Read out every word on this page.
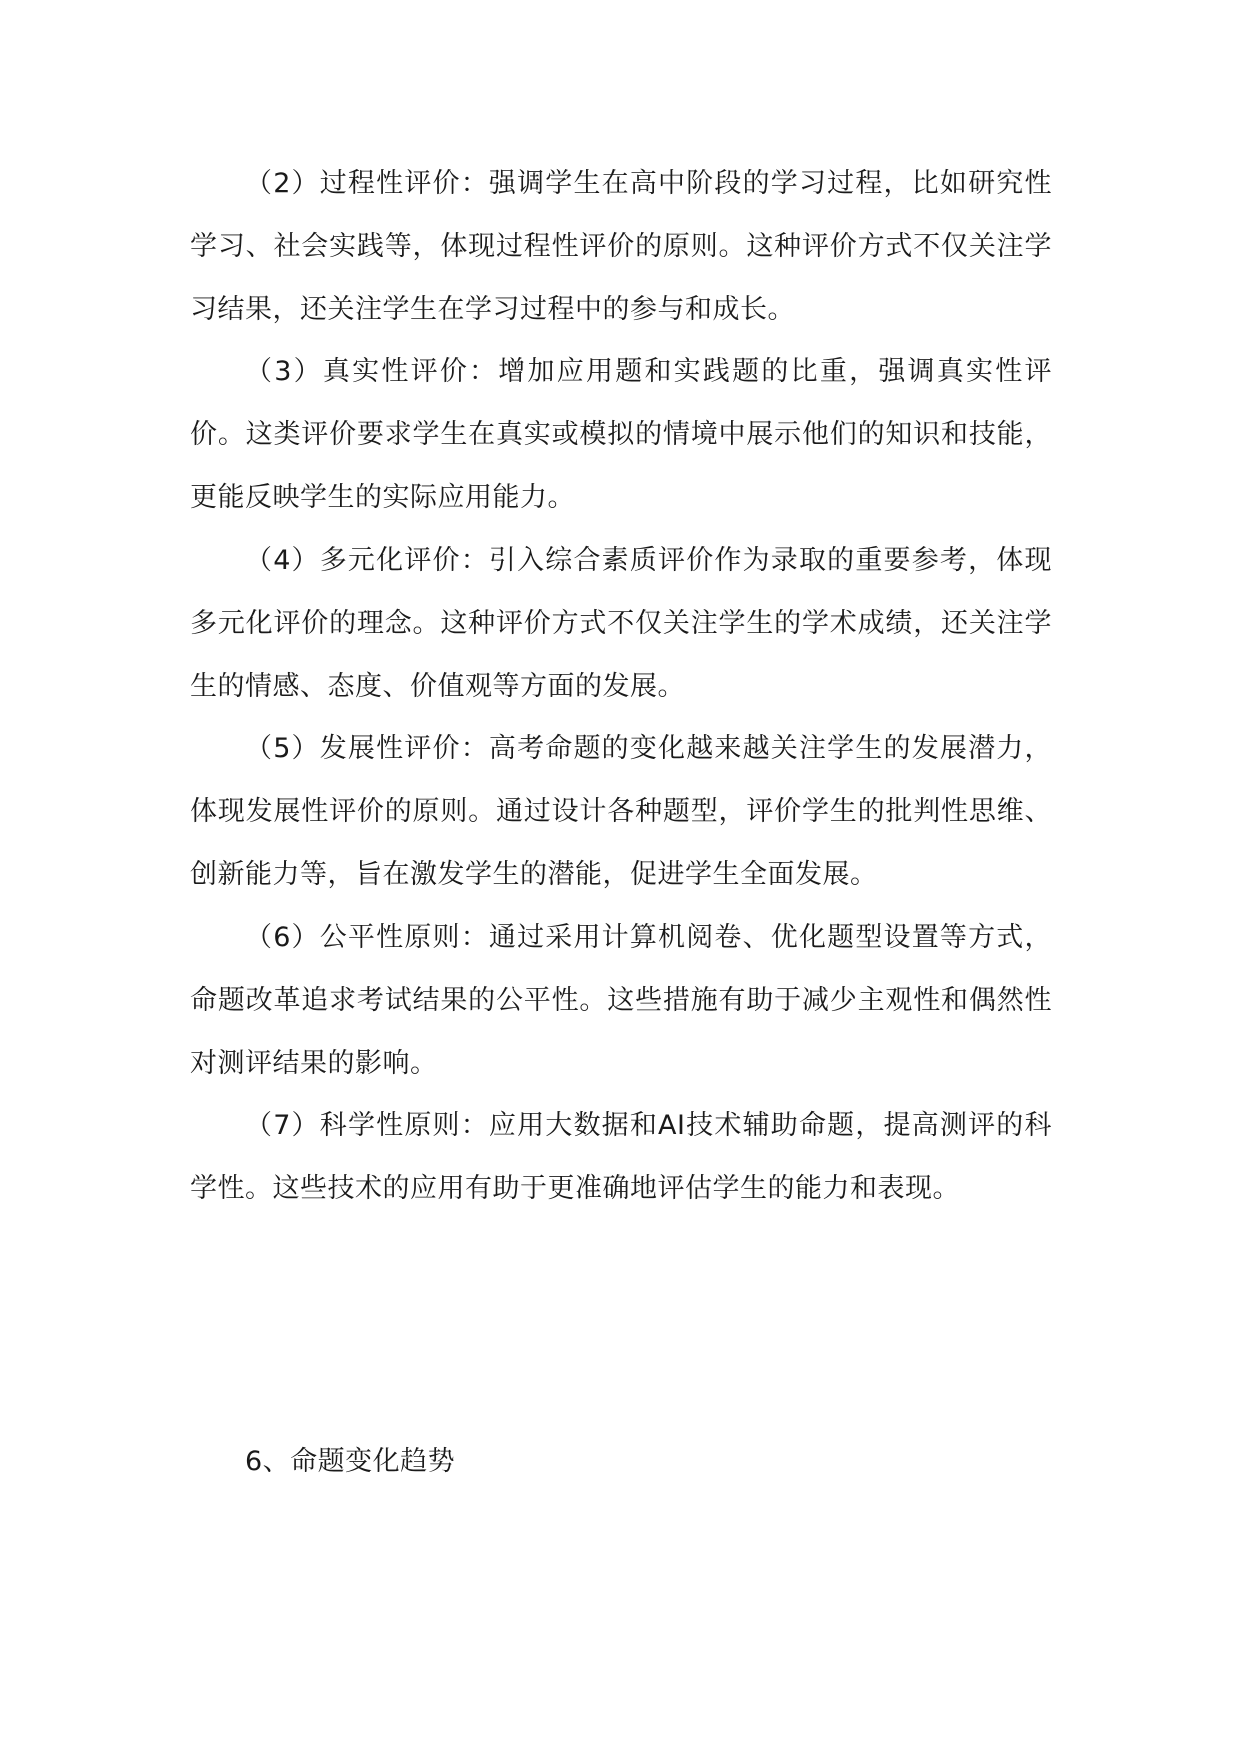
（2）过程性评价：强调学生在高中阶段的学习过程，比如研究性学习、社会实践等，体现过程性评价的原则。这种评价方式不仅关注学习结果，还关注学生在学习过程中的参与和成长。

（3）真实性评价：增加应用题和实践题的比重，强调真实性评价。这类评价要求学生在真实或模拟的情境中展示他们的知识和技能，更能反映学生的实际应用能力。

（4）多元化评价：引入综合素质评价作为录取的重要参考，体现多元化评价的理念。这种评价方式不仅关注学生的学术成绩，还关注学生的情感、态度、价值观等方面的发展。

（5）发展性评价：高考命题的变化越来越关注学生的发展潜力，体现发展性评价的原则。通过设计各种题型，评价学生的批判性思维、创新能力等，旨在激发学生的潜能，促进学生全面发展。

（6）公平性原则：通过采用计算机阅卷、优化题型设置等方式，命题改革追求考试结果的公平性。这些措施有助于减少主观性和偶然性对测评结果的影响。

（7）科学性原则：应用大数据和AI技术辅助命题，提高测评的科学性。这些技术的应用有助于更准确地评估学生的能力和表现。

6、命题变化趋势
